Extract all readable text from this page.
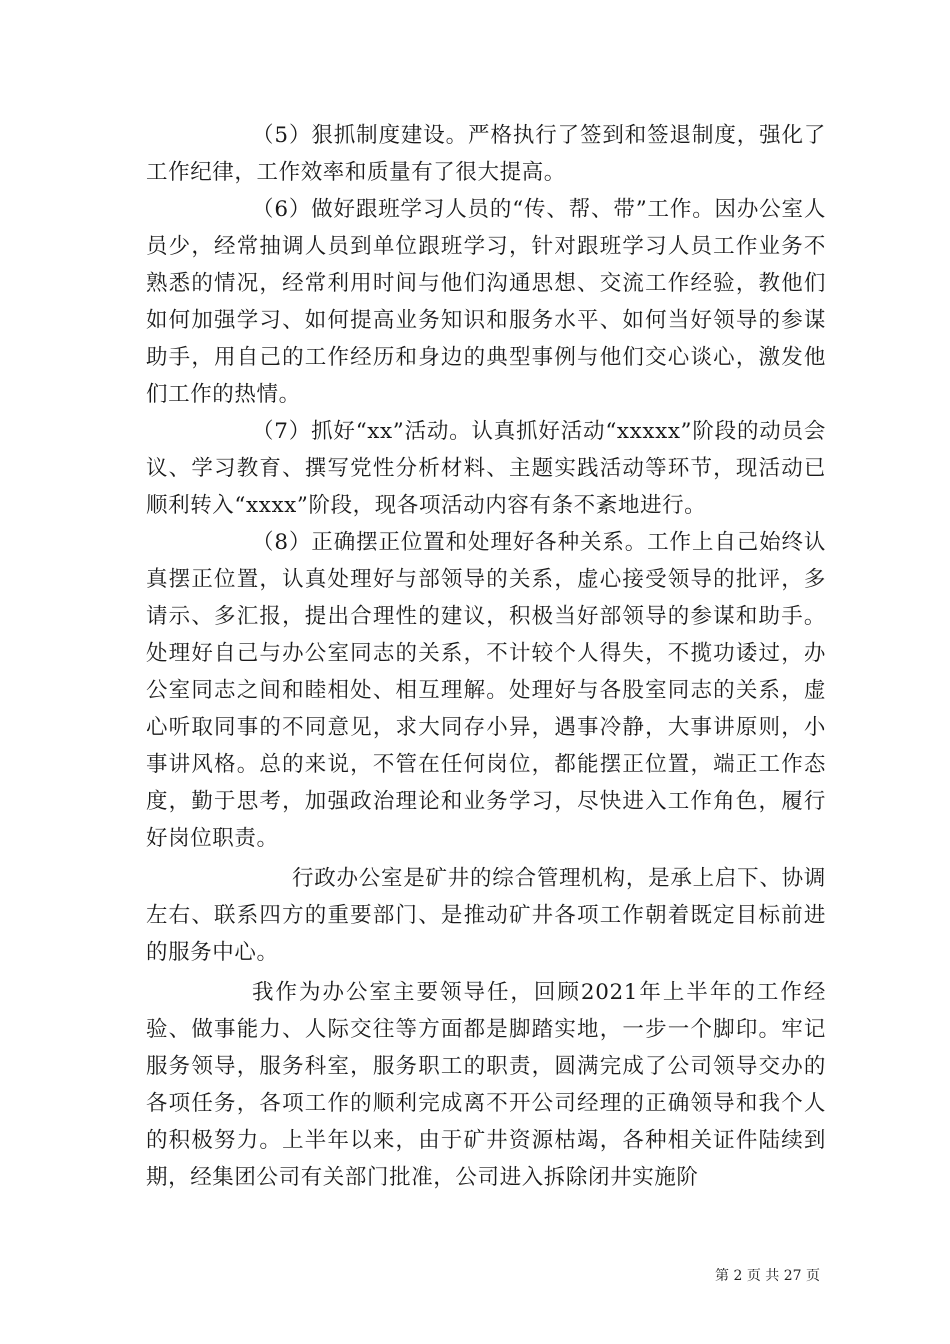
（5）狠抓制度建设。严格执行了签到和签退制度，强化了工作纪律，工作效率和质量有了很大提高。

（6）做好跟班学习人员的“传、帮、带”工作。因办公室人员少，经常抽调人员到单位跟班学习，针对跟班学习人员工作业务不熟悉的情况，经常利用时间与他们沟通思想、交流工作经验，教他们如何加强学习、如何提高业务知识和服务水平、如何当好领导的参谋助手，用自己的工作经历和身边的典型事例与他们交心谈心，激发他们工作的热情。

（7）抓好“xx”活动。认真抓好活动“xxxxx”阶段的动员会议、学习教育、撰写党性分析材料、主题实践活动等环节，现活动已顺利转入“xxxx”阶段，现各项活动内容有条不紊地进行。

（8）正确摆正位置和处理好各种关系。工作上自己始终认真摆正位置，认真处理好与部领导的关系，虚心接受领导的批评，多请示、多汇报，提出合理性的建议，积极当好部领导的参谋和助手。处理好自己与办公室同志的关系，不计较个人得失，不揽功诿过，办公室同志之间和睦相处、相互理解。处理好与各股室同志的关系，虚心听取同事的不同意见，求大同存小异，遇事冷静，大事讲原则，小事讲风格。总的来说，不管在任何岗位，都能摆正位置，端正工作态度，勤于思考，加强政治理论和业务学习，尽快进入工作角色，履行好岗位职责。

行政办公室是矿井的综合管理机构，是承上启下、协调左右、联系四方的重要部门、是推动矿井各项工作朝着既定目标前进的服务中心。

我作为办公室主要领导任，回顾2021年上半年的工作经验、做事能力、人际交往等方面都是脚踏实地，一步一个脚印。牢记服务领导，服务科室，服务职工的职责，圆满完成了公司领导交办的各项任务，各项工作的顺利完成离不开公司经理的正确领导和我个人的积极努力。上半年以来，由于矿井资源枯竭，各种相关证件陆续到期，经集团公司有关部门批准，公司进入拆除闭井实施阶

第 2 页 共 27 页
